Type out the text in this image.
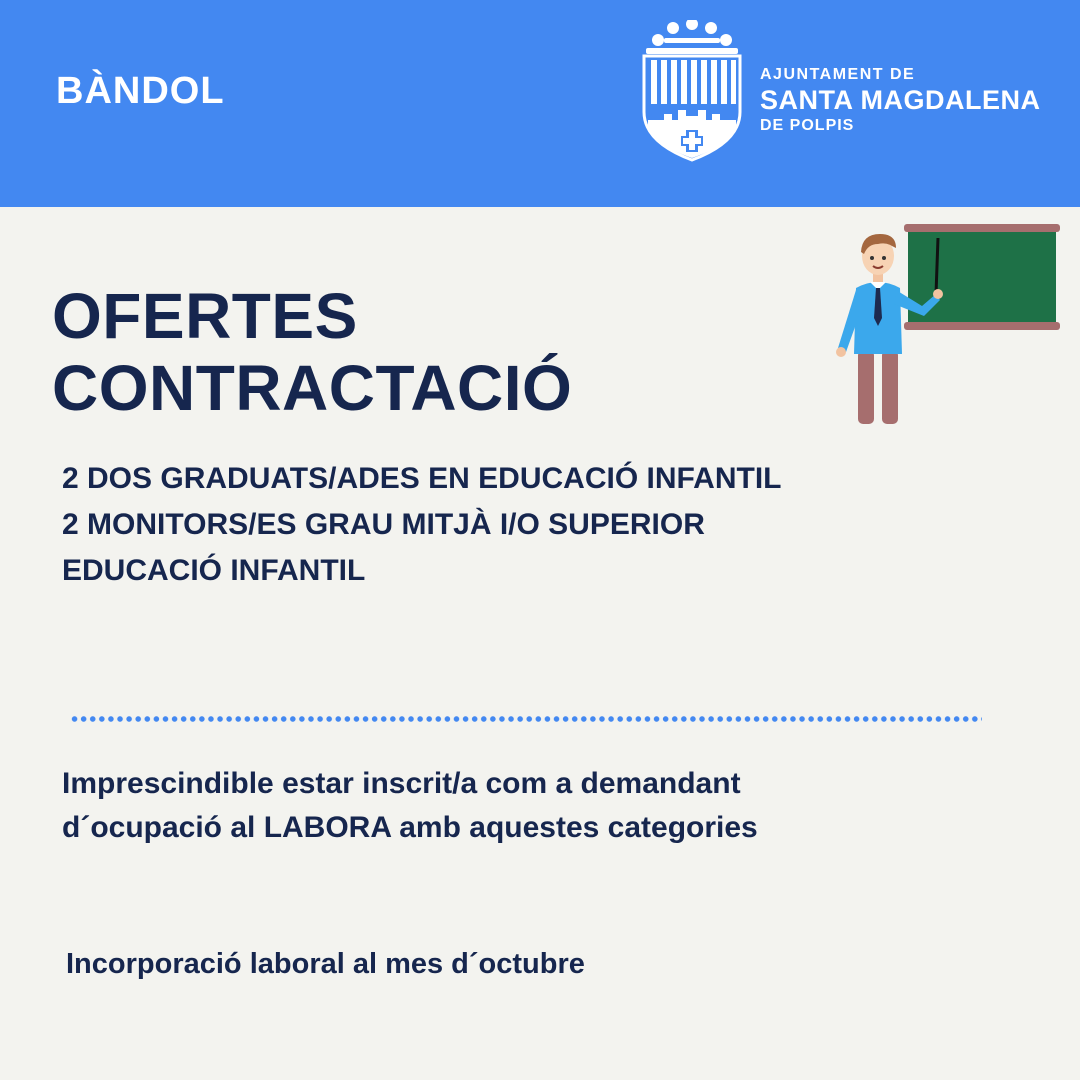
BÀNDOL	AJUNTAMENT DE
SANTA MAGDALENA
DE POLPIS
OFERTES
CONTRACTACIÓ
2 DOS GRADUATS/ADES EN EDUCACIÓ INFANTIL
2 MONITORS/ES GRAU MITJÀ I/O SUPERIOR
EDUCACIÓ INFANTIL
Imprescindible estar inscrit/a com a demandant
d´ocupació al LABORA amb aquestes categories
Incorporació laboral al mes d´octubre
